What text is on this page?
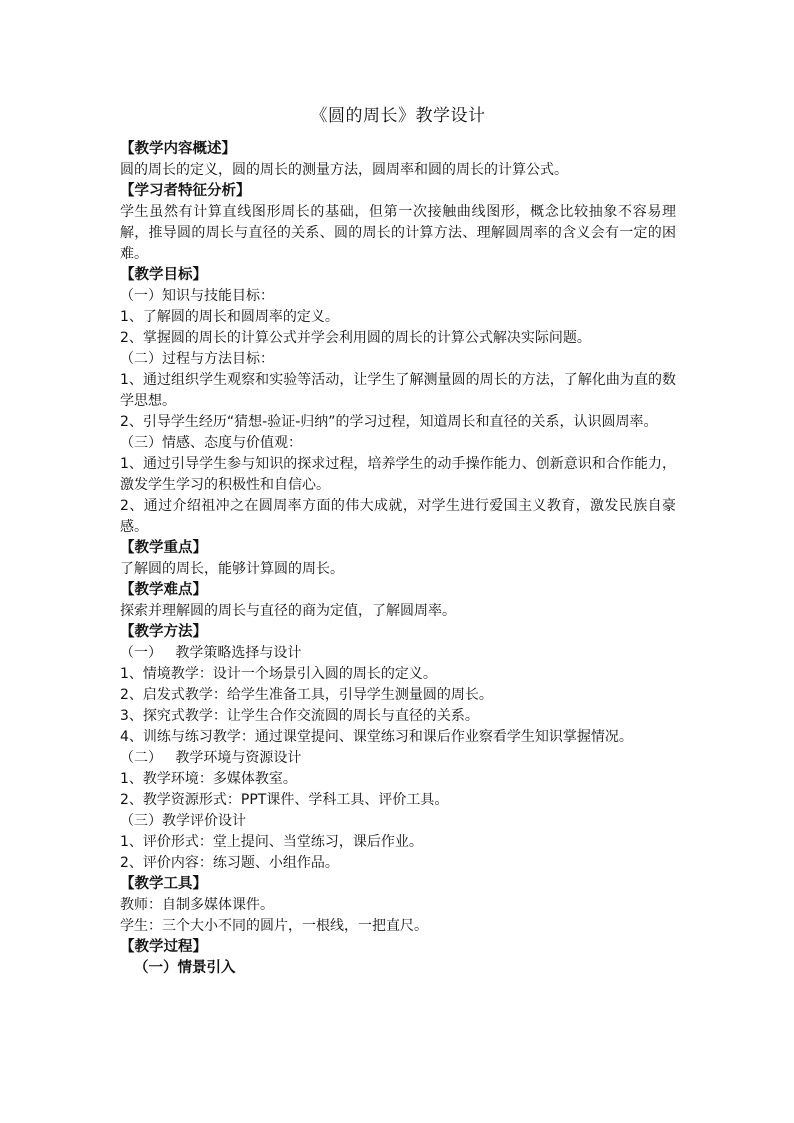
《圆的周长》教学设计

【教学内容概述】

圆的周长的定义，圆的周长的测量方法，圆周率和圆的周长的计算公式。

【学习者特征分析】

学生虽然有计算直线图形周长的基础，但第一次接触曲线图形，概念比较抽象不容易理解，推导圆的周长与直径的关系、圆的周长的计算方法、理解圆周率的含义会有一定的困难。

【教学目标】

（一）知识与技能目标：

1、了解圆的周长和圆周率的定义。

2、掌握圆的周长的计算公式并学会利用圆的周长的计算公式解决实际问题。

（二）过程与方法目标：

1、通过组织学生观察和实验等活动，让学生了解测量圆的周长的方法，了解化曲为直的数学思想。

2、引导学生经历“猜想-验证-归纳”的学习过程，知道周长和直径的关系，认识圆周率。

（三）情感、态度与价值观：

1、通过引导学生参与知识的探求过程，培养学生的动手操作能力、创新意识和合作能力，激发学生学习的积极性和自信心。

2、通过介绍祖冲之在圆周率方面的伟大成就，对学生进行爱国主义教育，激发民族自豪感。

【教学重点】

了解圆的周长，能够计算圆的周长。

【教学难点】

探索并理解圆的周长与直径的商为定值，了解圆周率。

【教学方法】

（一）   教学策略选择与设计

1、情境教学：设计一个场景引入圆的周长的定义。

2、启发式教学：给学生准备工具，引导学生测量圆的周长。

3、探究式教学：让学生合作交流圆的周长与直径的关系。

4、训练与练习教学：通过课堂提问、课堂练习和课后作业察看学生知识掌握情况。

（二）   教学环境与资源设计

1、教学环境：多媒体教室。

2、教学资源形式：PPT课件、学科工具、评价工具。

（三）教学评价设计

1、评价形式：堂上提问、当堂练习，课后作业。

2、评价内容：练习题、小组作品。

【教学工具】

教师：自制多媒体课件。

学生：三个大小不同的圆片，一根线，一把直尺。

【教学过程】

（一）情景引入
